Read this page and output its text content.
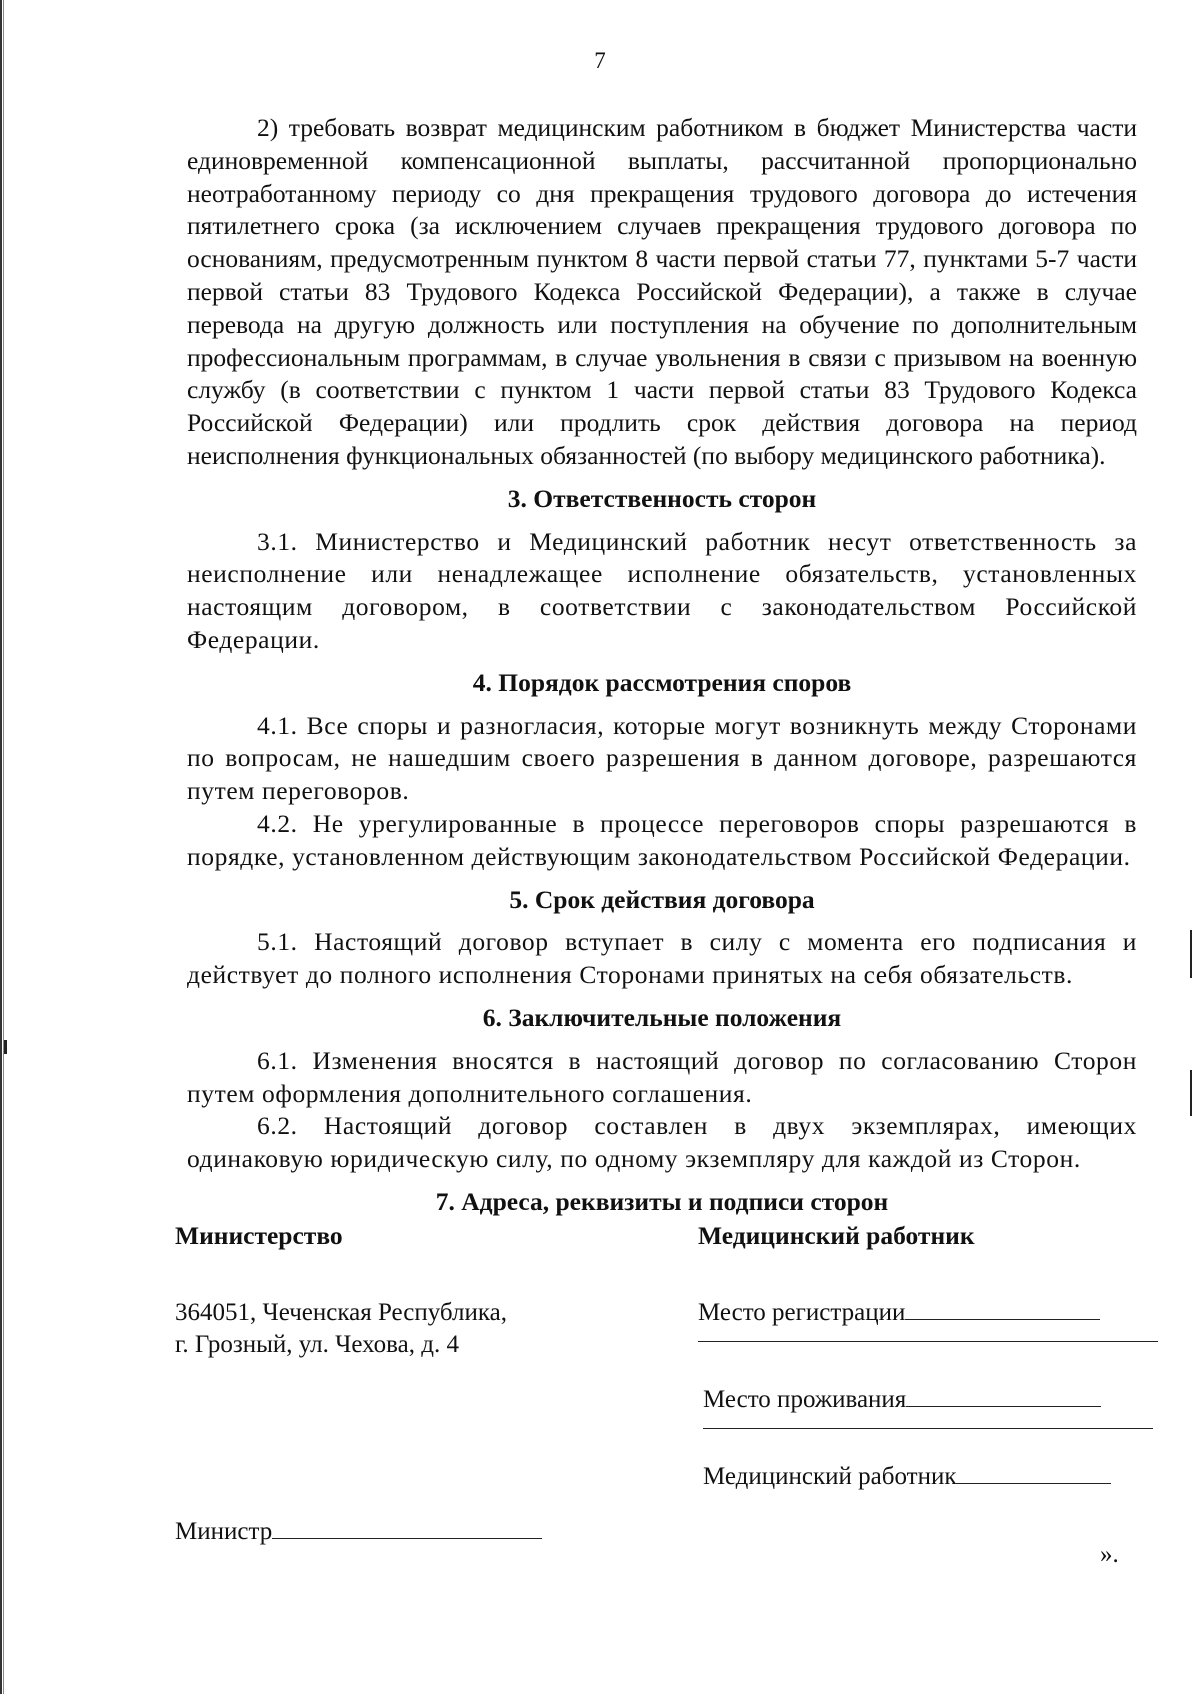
7

2) требовать возврат медицинским работником в бюджет Министерства части единовременной компенсационной выплаты, рассчитанной пропорционально неотработанному периоду со дня прекращения трудового договора до истечения пятилетнего срока (за исключением случаев прекращения трудового договора по основаниям, предусмотренным пунктом 8 части первой статьи 77, пунктами 5-7 части первой статьи 83 Трудового Кодекса Российской Федерации), а также в случае перевода на другую должность или поступления на обучение по дополнительным профессиональным программам, в случае увольнения в связи с призывом на военную службу (в соответствии с пунктом 1 части первой статьи 83 Трудового Кодекса Российской Федерации) или продлить срок действия договора на период неисполнения функциональных обязанностей (по выбору медицинского работника).

3. Ответственность сторон

3.1. Министерство и Медицинский работник несут ответственность за неисполнение или ненадлежащее исполнение обязательств, установленных настоящим договором, в соответствии с законодательством Российской Федерации.

4. Порядок рассмотрения споров

4.1. Все споры и разногласия, которые могут возникнуть между Сторонами по вопросам, не нашедшим своего разрешения в данном договоре, разрешаются путем переговоров.

4.2. Не урегулированные в процессе переговоров споры разрешаются в порядке, установленном действующим законодательством Российской Федерации.

5. Срок действия договора

5.1. Настоящий договор вступает в силу с момента его подписания и действует до полного исполнения Сторонами принятых на себя обязательств.

6. Заключительные положения

6.1. Изменения вносятся в настоящий договор по согласованию Сторон путем оформления дополнительного соглашения.

6.2. Настоящий договор составлен в двух экземплярах, имеющих одинаковую юридическую силу, по одному экземпляру для каждой из Сторон.

7. Адреса, реквизиты и подписи сторон
Министерство
364051, Чеченская Республика,
г. Грозный, ул. Чехова, д. 4
Министр
Медицинский работник
Место регистрации
Место проживания
Медицинский работник
».
